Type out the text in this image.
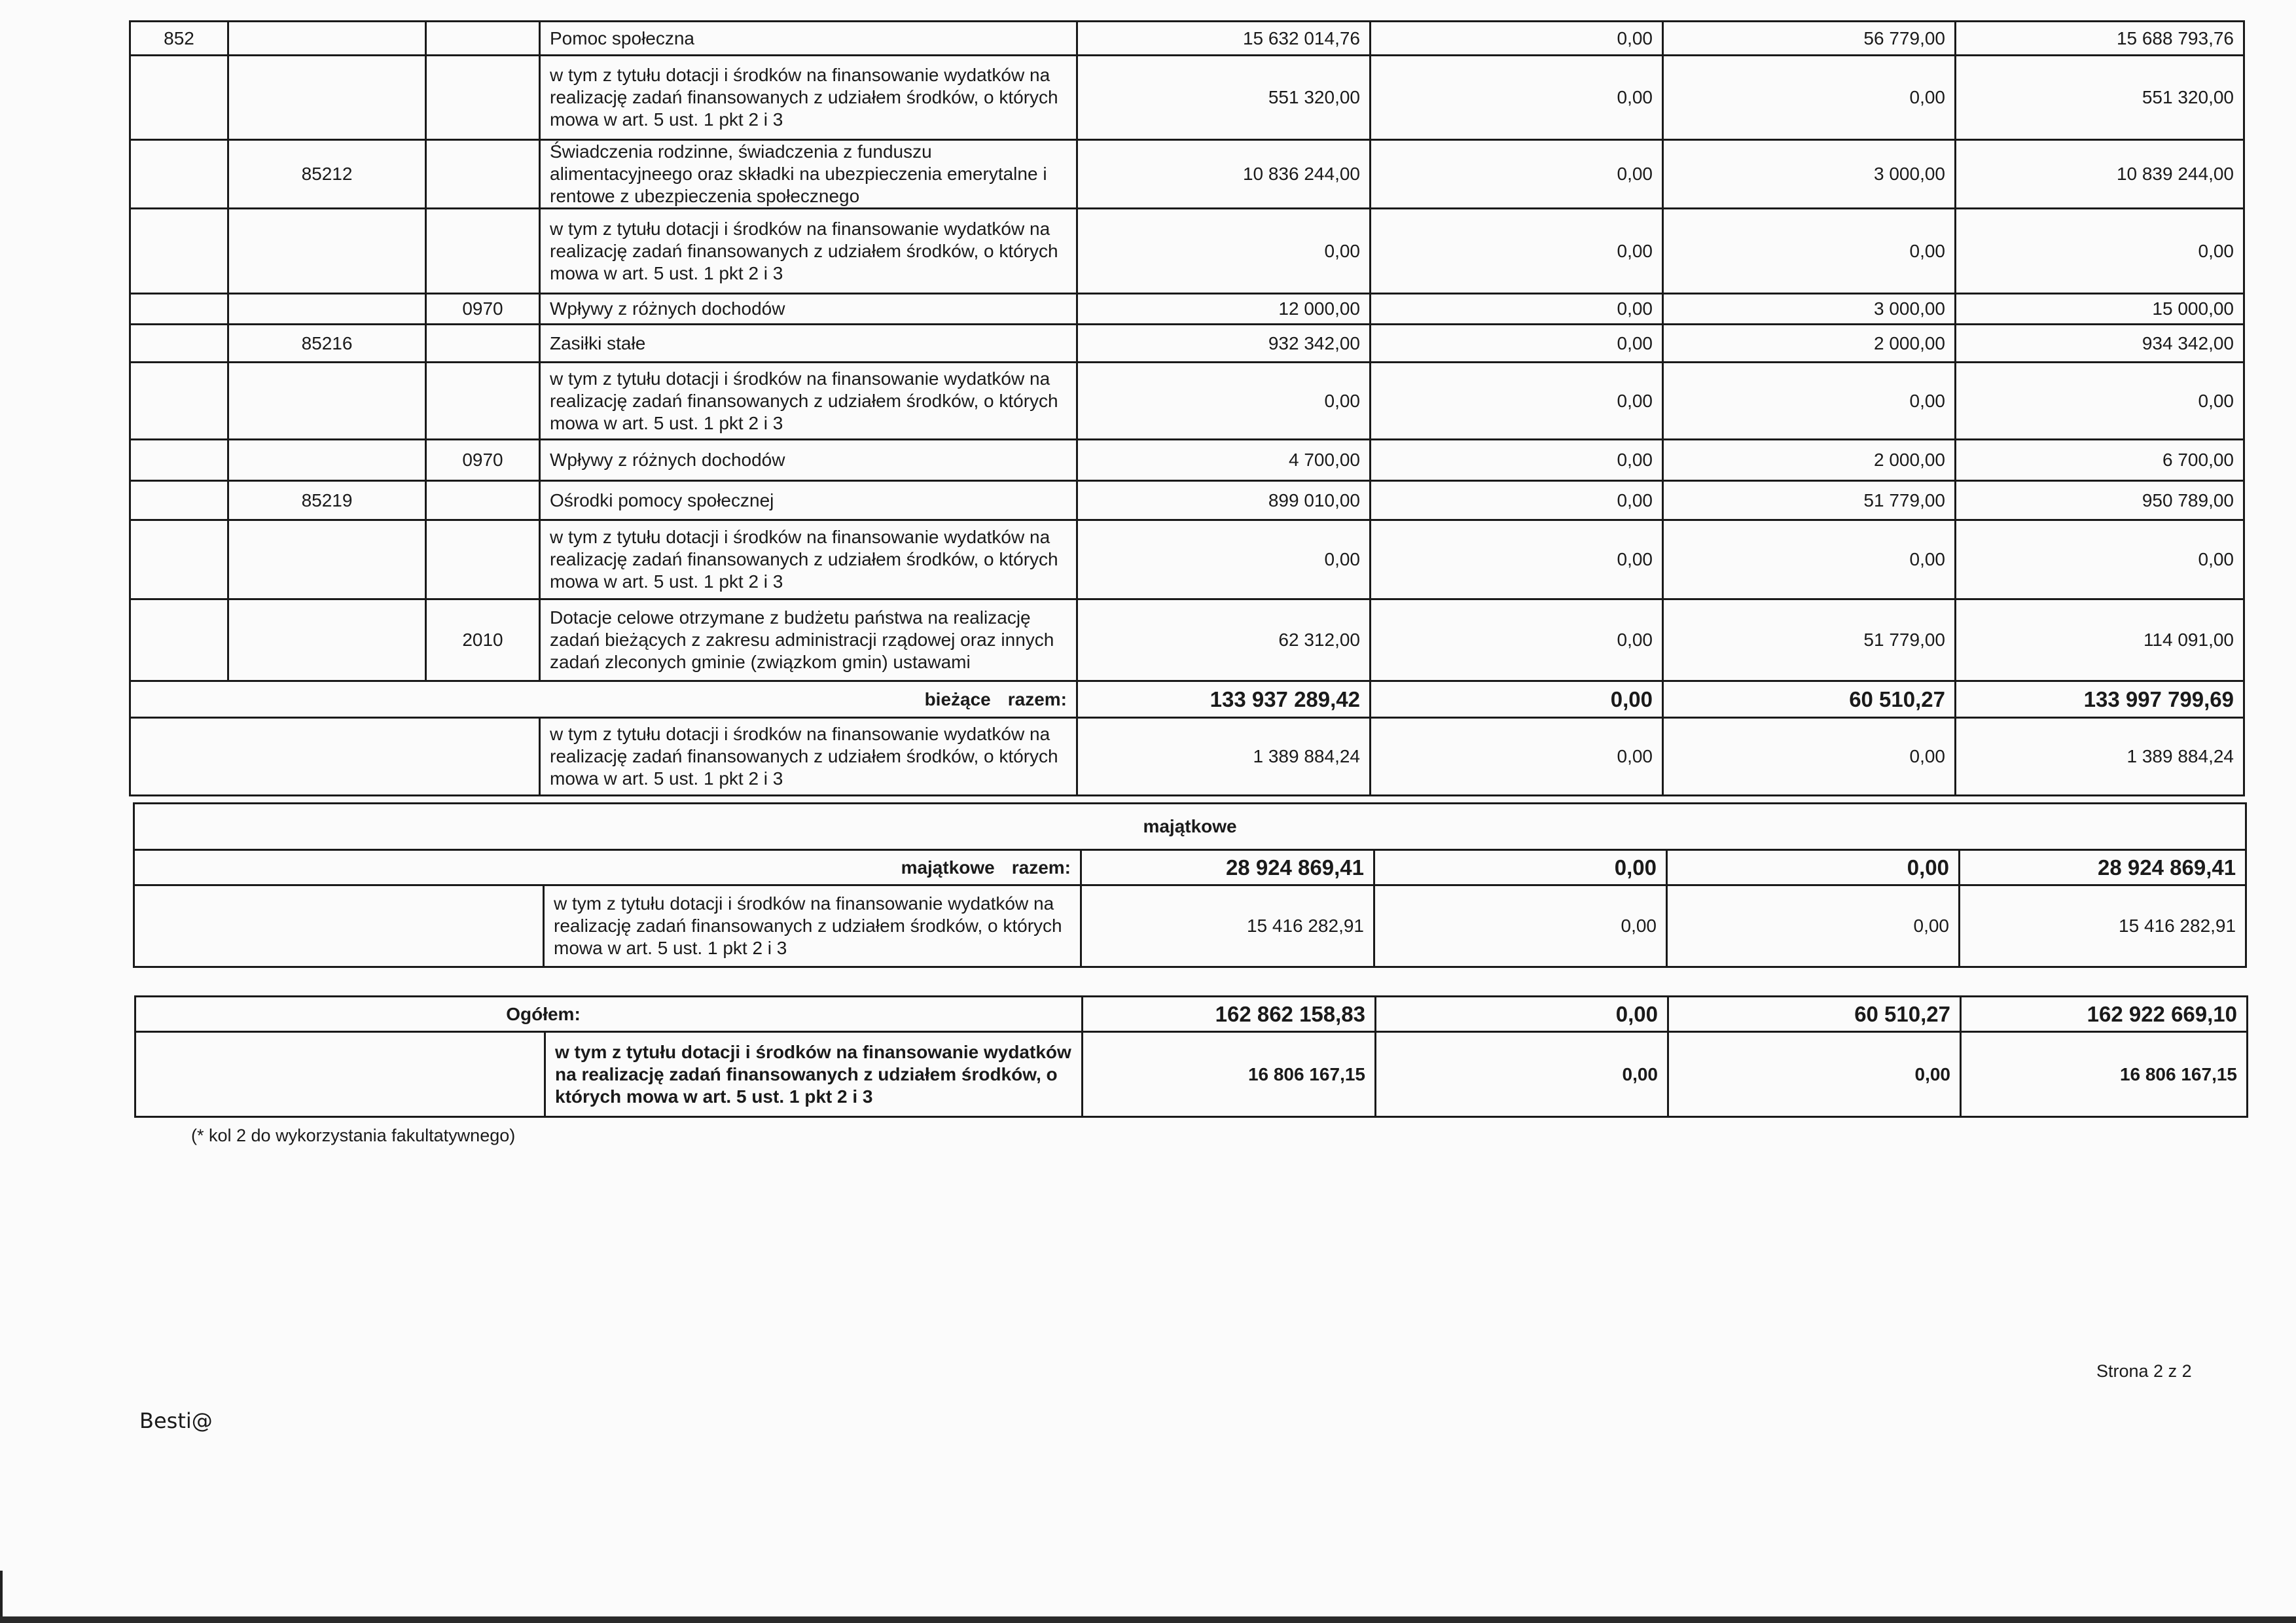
852			Pomoc społeczna	15 632 014,76	0,00	56 779,00	15 688 793,76
			w tym z tytułu dotacji i środków na finansowanie wydatków na realizację zadań finansowanych z udziałem środków, o których mowa w art. 5 ust. 1 pkt 2 i 3	551 320,00	0,00	0,00	551 320,00
	85212		Świadczenia rodzinne, świadczenia z funduszu alimentacyjneego oraz składki na ubezpieczenia emerytalne i rentowe z ubezpieczenia społecznego	10 836 244,00	0,00	3 000,00	10 839 244,00
			w tym z tytułu dotacji i środków na finansowanie wydatków na realizację zadań finansowanych z udziałem środków, o których mowa w art. 5 ust. 1 pkt 2 i 3	0,00	0,00	0,00	0,00
		0970	Wpływy z różnych dochodów	12 000,00	0,00	3 000,00	15 000,00
	85216		Zasiłki stałe	932 342,00	0,00	2 000,00	934 342,00
			w tym z tytułu dotacji i środków na finansowanie wydatków na realizację zadań finansowanych z udziałem środków, o których mowa w art. 5 ust. 1 pkt 2 i 3	0,00	0,00	0,00	0,00
		0970	Wpływy z różnych dochodów	4 700,00	0,00	2 000,00	6 700,00
	85219		Ośrodki pomocy społecznej	899 010,00	0,00	51 779,00	950 789,00
			w tym z tytułu dotacji i środków na finansowanie wydatków na realizację zadań finansowanych z udziałem środków, o których mowa w art. 5 ust. 1 pkt 2 i 3	0,00	0,00	0,00	0,00
		2010	Dotacje celowe otrzymane z budżetu państwa na realizację zadań bieżących z zakresu administracji rządowej oraz innych zadań zleconych gminie (związkom gmin) ustawami	62 312,00	0,00	51 779,00	114 091,00
bieżące razem:				133 937 289,42	0,00	60 510,27	133 997 799,69
			w tym z tytułu dotacji i środków na finansowanie wydatków na realizację zadań finansowanych z udziałem środków, o których mowa w art. 5 ust. 1 pkt 2 i 3	1 389 884,24	0,00	0,00	1 389 884,24
majątkowe					
majątkowe razem:		28 924 869,41	0,00	0,00	28 924 869,41
	w tym z tytułu dotacji i środków na finansowanie wydatków na realizację zadań finansowanych z udziałem środków, o których mowa w art. 5 ust. 1 pkt 2 i 3	15 416 282,91	0,00	0,00	15 416 282,91
Ogółem:		162 862 158,83	0,00	60 510,27	162 922 669,10
	w tym z tytułu dotacji i środków na finansowanie wydatków na realizację zadań finansowanych z udziałem środków, o których mowa w art. 5 ust. 1 pkt 2 i 3	16 806 167,15	0,00	0,00	16 806 167,15
(* kol 2 do wykorzystania fakultatywnego)
Strona 2 z 2
Besti@
